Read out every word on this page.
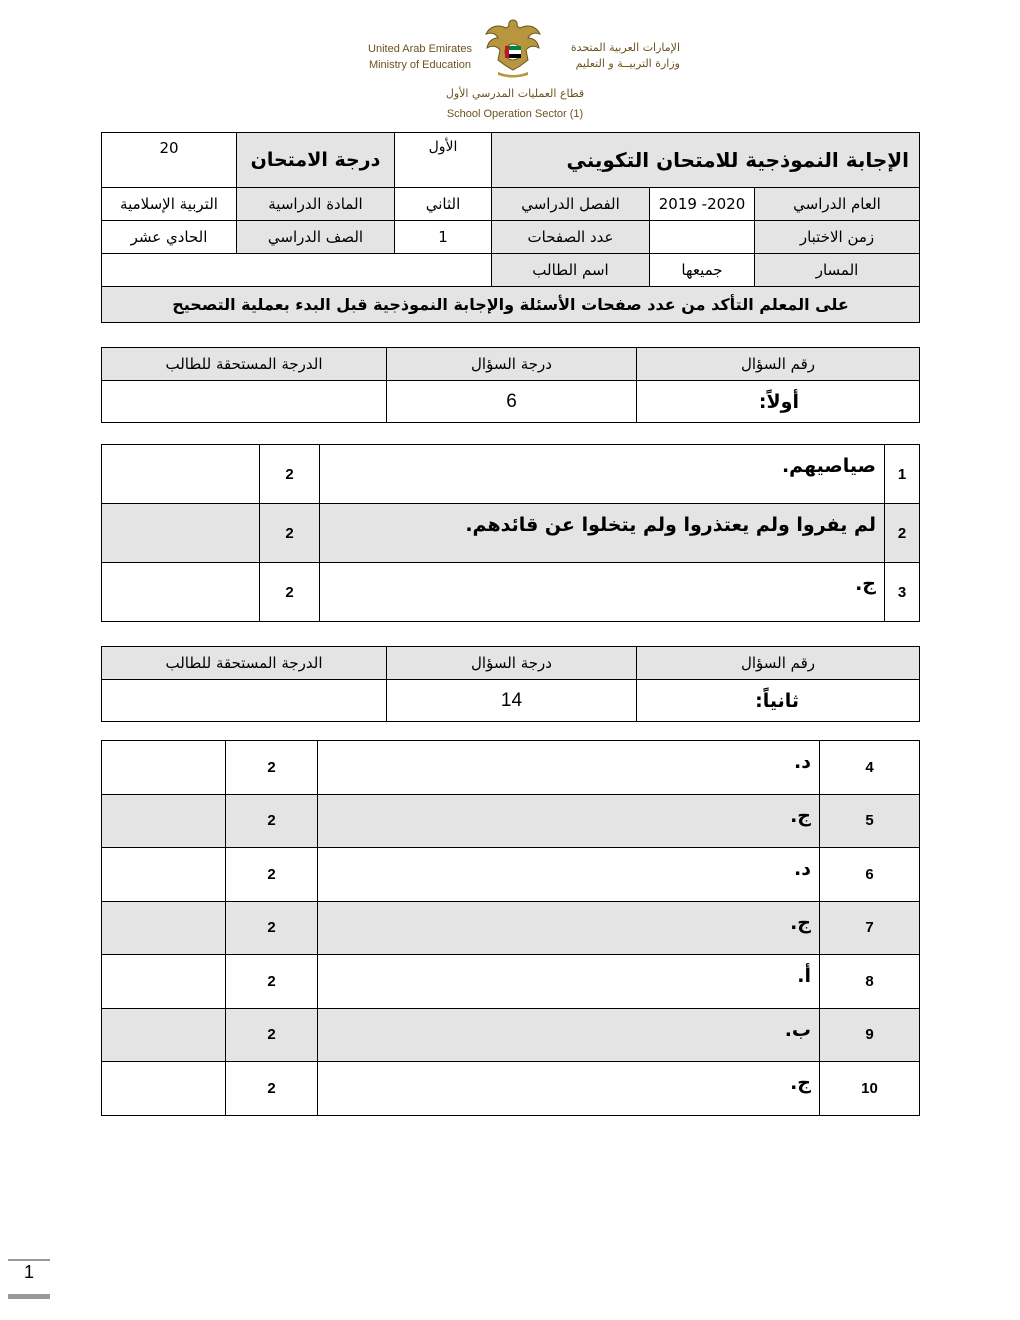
United Arab Emirates
Ministry of Education
الإمارات العربية المتحدة
وزارة التربيــة و التعليم
قطاع العمليات المدرسي الأول
School Operation Sector (1)
20	درجة الامتحان	الأول	الإجابة النموذجية للامتحان التكويني		
التربية الإسلامية	المادة الدراسية	الثاني	الفصل الدراسي	2019 -2020	العام الدراسي
الحادي عشر	الصف الدراسي	1	عدد الصفحات		زمن الاختبار
			اسم الطالب	جميعها	المسار
على المعلم التأكد من عدد صفحات الأسئلة والإجابة النموذجية قبل البدء بعملية التصحيح					
الدرجة المستحقة للطالب	درجة السؤال	رقم السؤال
	6	أولاً:
	2	صياصيهم.	1
	2	لم يفروا ولم يعتذروا ولم يتخلوا عن قائدهم.	2
	2	ج.	3
الدرجة المستحقة للطالب	درجة السؤال	رقم السؤال
	14	ثانياً:
	2	د.	4
	2	ج.	5
	2	د.	6
	2	ج.	7
	2	أ.	8
	2	ب.	9
	2	ج.	10
1
